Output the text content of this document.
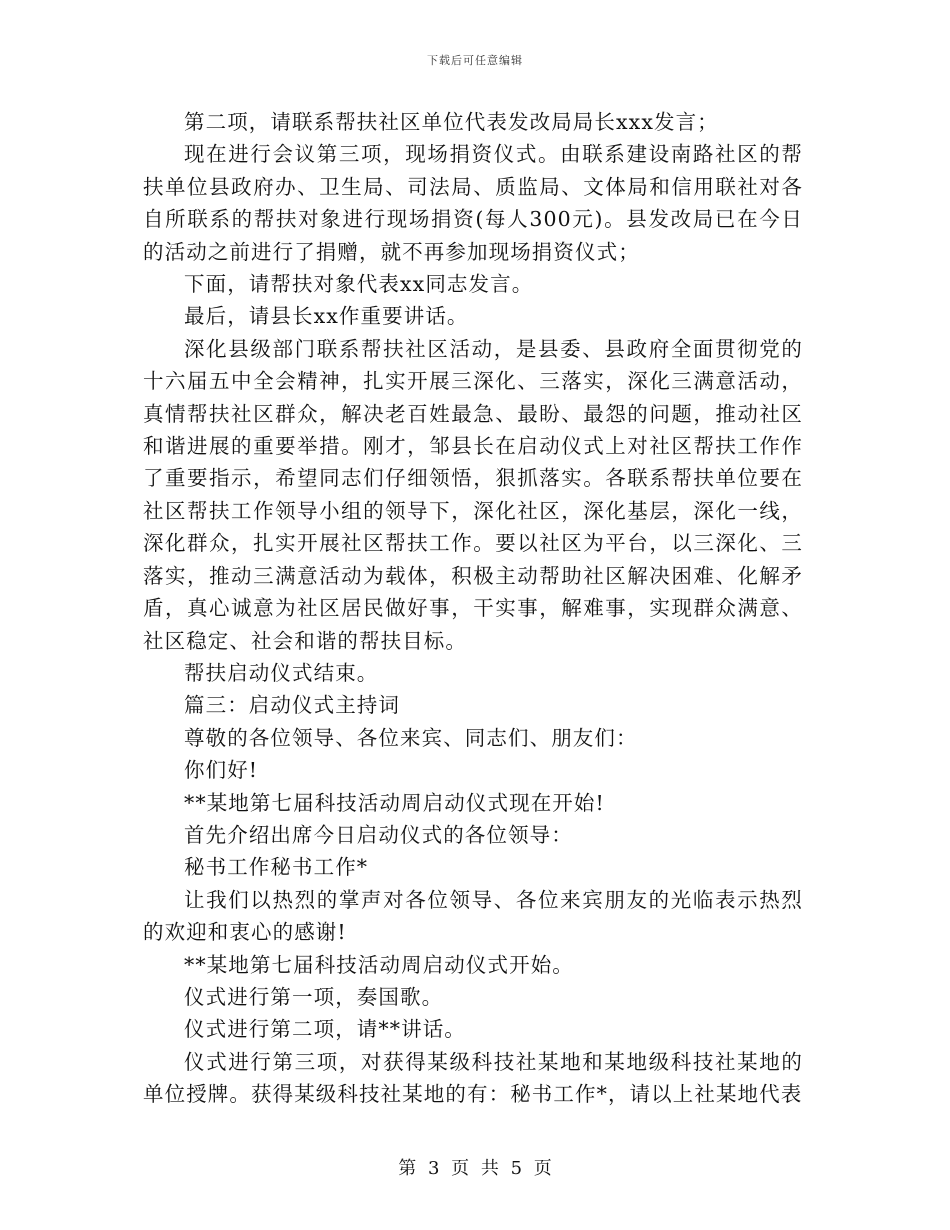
下载后可任意编辑

第二项，请联系帮扶社区单位代表发改局局长xxx发言；

现在进行会议第三项，现场捐资仪式。由联系建设南路社区的帮扶单位县政府办、卫生局、司法局、质监局、文体局和信用联社对各自所联系的帮扶对象进行现场捐资(每人300元)。县发改局已在今日的活动之前进行了捐赠，就不再参加现场捐资仪式；

下面，请帮扶对象代表xx同志发言。

最后，请县长xx作重要讲话。

深化县级部门联系帮扶社区活动，是县委、县政府全面贯彻党的十六届五中全会精神，扎实开展三深化、三落实，深化三满意活动，真情帮扶社区群众，解决老百姓最急、最盼、最怨的问题，推动社区和谐进展的重要举措。刚才，邹县长在启动仪式上对社区帮扶工作作了重要指示，希望同志们仔细领悟，狠抓落实。各联系帮扶单位要在社区帮扶工作领导小组的领导下，深化社区，深化基层，深化一线，深化群众，扎实开展社区帮扶工作。要以社区为平台，以三深化、三落实，推动三满意活动为载体，积极主动帮助社区解决困难、化解矛盾，真心诚意为社区居民做好事，干实事，解难事，实现群众满意、社区稳定、社会和谐的帮扶目标。

帮扶启动仪式结束。

篇三：启动仪式主持词

尊敬的各位领导、各位来宾、同志们、朋友们：

你们好!

**某地第七届科技活动周启动仪式现在开始!

首先介绍出席今日启动仪式的各位领导：

秘书工作秘书工作*

让我们以热烈的掌声对各位领导、各位来宾朋友的光临表示热烈的欢迎和衷心的感谢!

**某地第七届科技活动周启动仪式开始。

仪式进行第一项，奏国歌。

仪式进行第二项，请**讲话。

仪式进行第三项，对获得某级科技社某地和某地级科技社某地的单位授牌。获得某级科技社某地的有：秘书工作*，请以上社某地代表

第 3 页 共 5 页
